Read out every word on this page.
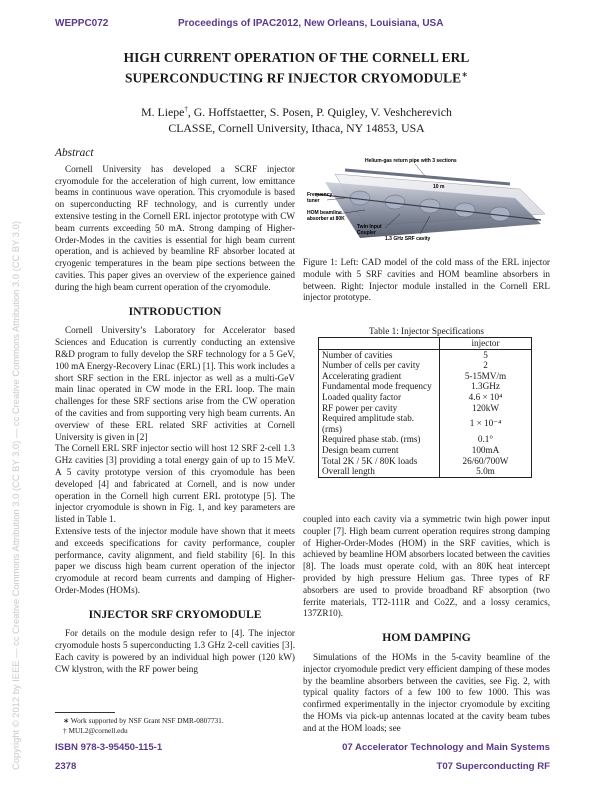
WEPPC072	Proceedings of IPAC2012, New Orleans, Louisiana, USA
HIGH CURRENT OPERATION OF THE CORNELL ERL
SUPERCONDUCTING RF INJECTOR CRYOMODULE∗
M. Liepe†, G. Hoffstaetter, S. Posen, P. Quigley, V. Veshcherevich
CLASSE, Cornell University, Ithaca, NY 14853, USA
Copyright © 2012 by IEEE — cc Creative Commons Attribution 3.0 (CC BY 3.0) — cc Creative Commons Attribution 3.0 (CC BY 3.0)
Abstract

Cornell University has developed a SCRF injector cryomodule for the acceleration of high current, low emittance beams in continuous wave operation. This cryomodule is based on superconducting RF technology, and is currently under extensive testing in the Cornell ERL injector prototype with CW beam currents exceeding 50 mA. Strong damping of Higher-Order-Modes in the cavities is essential for high beam current operation, and is achieved by beamline RF absorber located at cryogenic temperatures in the beam pipe sections between the cavities. This paper gives an overview of the experience gained during the high beam current operation of the cryomodule.

INTRODUCTION

Cornell University’s Laboratory for Accelerator based Sciences and Education is currently conducting an extensive R&D program to fully develop the SRF technology for a 5 GeV, 100 mA Energy-Recovery Linac (ERL) [1]. This work includes a short SRF section in the ERL injector as well as a multi-GeV main linac operated in CW mode in the ERL loop. The main challenges for these SRF sections arise from the CW operation of the cavities and from supporting very high beam currents. An overview of these ERL related SRF activities at Cornell University is given in [2]

The Cornell ERL SRF injector sectio will host 12 SRF 2-cell 1.3 GHz cavities [3] providing a total energy gain of up to 15 MeV. A 5 cavity prototype version of this cryomodule has been developed [4] and fabricated at Cornell, and is now under operation in the Cornell high current ERL prototype [5]. The injector cryomodule is shown in Fig. 1, and key parameters are listed in Table 1.

Extensive tests of the injector module have shown that it meets and exceeds specifications for cavity performance, coupler performance, cavity alignment, and field stability [6]. In this paper we discuss high beam current operation of the injector cryomodule at record beam currents and damping of Higher-Order-Modes (HOMs).

INJECTOR SRF CRYOMODULE

For details on the module design refer to [4]. The injector cryomodule hosts 5 superconducting 1.3 GHz 2-cell cavities [3]. Each cavity is powered by an individual high power (120 kW) CW klystron, with the RF power being

∗ Work supported by NSF Grant NSF DMR-0807731.
† MUL2@cornell.edu
Helium-gas return pipe with 3 sections
10 m
Frequency
tuner
HOM beamline
absorber at 80K
Twin Input
Coupler
1.3 GHz SRF cavity
Figure 1: Left: CAD model of the cold mass of the ERL injector module with 5 SRF cavities and HOM beamline absorbers in between. Right: Injector module installed in the Cornell ERL injector prototype.
Table 1: Injector Specifications
	injector
Number of cavities	5
Number of cells per cavity	2
Accelerating gradient	5-15MV/m
Fundamental mode frequency	1.3GHz
Loaded quality factor	4.6 × 10⁴
RF power per cavity	120kW
Required amplitude stab. (rms)	1 × 10⁻⁴
Required phase stab. (rms)	0.1°
Design beam current	100mA
Total 2K / 5K / 80K loads	26/60/700W
Overall length	5.0m

coupled into each cavity via a symmetric twin high power input coupler [7]. High beam current operation requires strong damping of Higher-Order-Modes (HOM) in the SRF cavities, which is achieved by beamline HOM absorbers located between the cavities [8]. The loads must operate cold, with an 80K heat intercept provided by high pressure Helium gas. Three types of RF absorbers are used to provide broadband RF absorption (two ferrite materials, TT2-111R and Co2Z, and a lossy ceramics, 137ZR10).

HOM DAMPING

Simulations of the HOMs in the 5-cavity beamline of the injector cryomodule predict very efficient damping of these modes by the beamline absorbers between the cavities, see Fig. 2, with typical quality factors of a few 100 to few 1000. This was confirmed experimentally in the injector cryomodule by exciting the HOMs via pick-up antennas located at the cavity beam tubes and at the HOM loads; see

ISBN 978-3-95450-115-1
2378
07 Accelerator Technology and Main Systems
T07 Superconducting RF
